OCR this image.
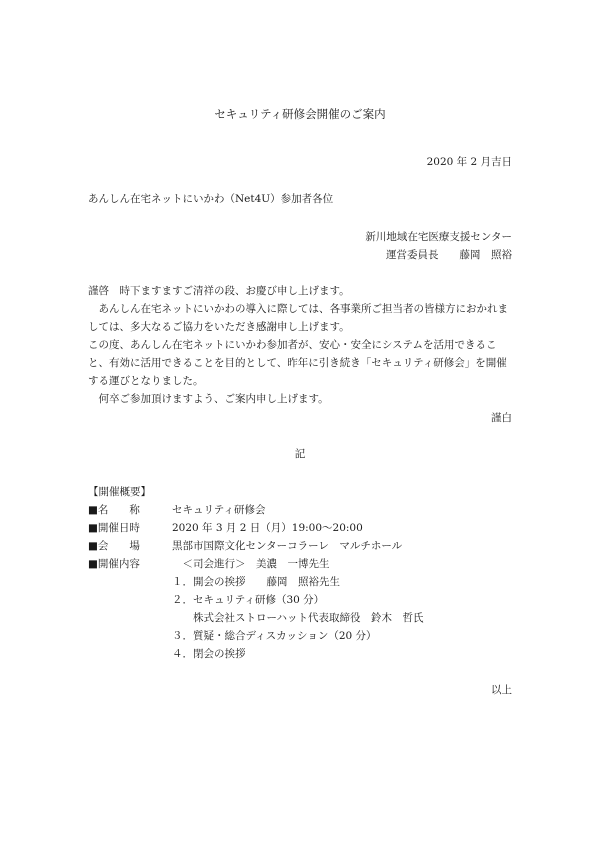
セキュリティ研修会開催のご案内
2020 年 2 月吉日
あんしん在宅ネットにいかわ（Net4U）参加者各位
新川地域在宅医療支援センター
運営委員長　　藤岡　照裕
謹啓　時下ますますご清祥の段、お慶び申し上げます。
　あんしん在宅ネットにいかわの導入に際しては、各事業所ご担当者の皆様方におかれま
しては、多大なるご協力をいただき感謝申し上げます。
この度、あんしん在宅ネットにいかわ参加者が、安心・安全にシステムを活用できるこ
と、有効に活用できることを目的として、昨年に引き続き「セキュリティ研修会」を開催
する運びとなりました。
　何卒ご参加頂けますよう、ご案内申し上げます。
謹白
記
【開催概要】
■名　　称	セキュリティ研修会
■開催日時	2020 年 3 月 2 日（月）19:00〜20:00
■会　　場	黒部市国際文化センターコラーレ　マルチホール
■開催内容	　＜司会進行＞　美濃　一博先生
１．開会の挨拶　　藤岡　照裕先生
２．セキュリティ研修（30 分）
　　株式会社ストローハット代表取締役　鈴木　哲氏
３．質疑・総合ディスカッション（20 分）
４．閉会の挨拶
以上
